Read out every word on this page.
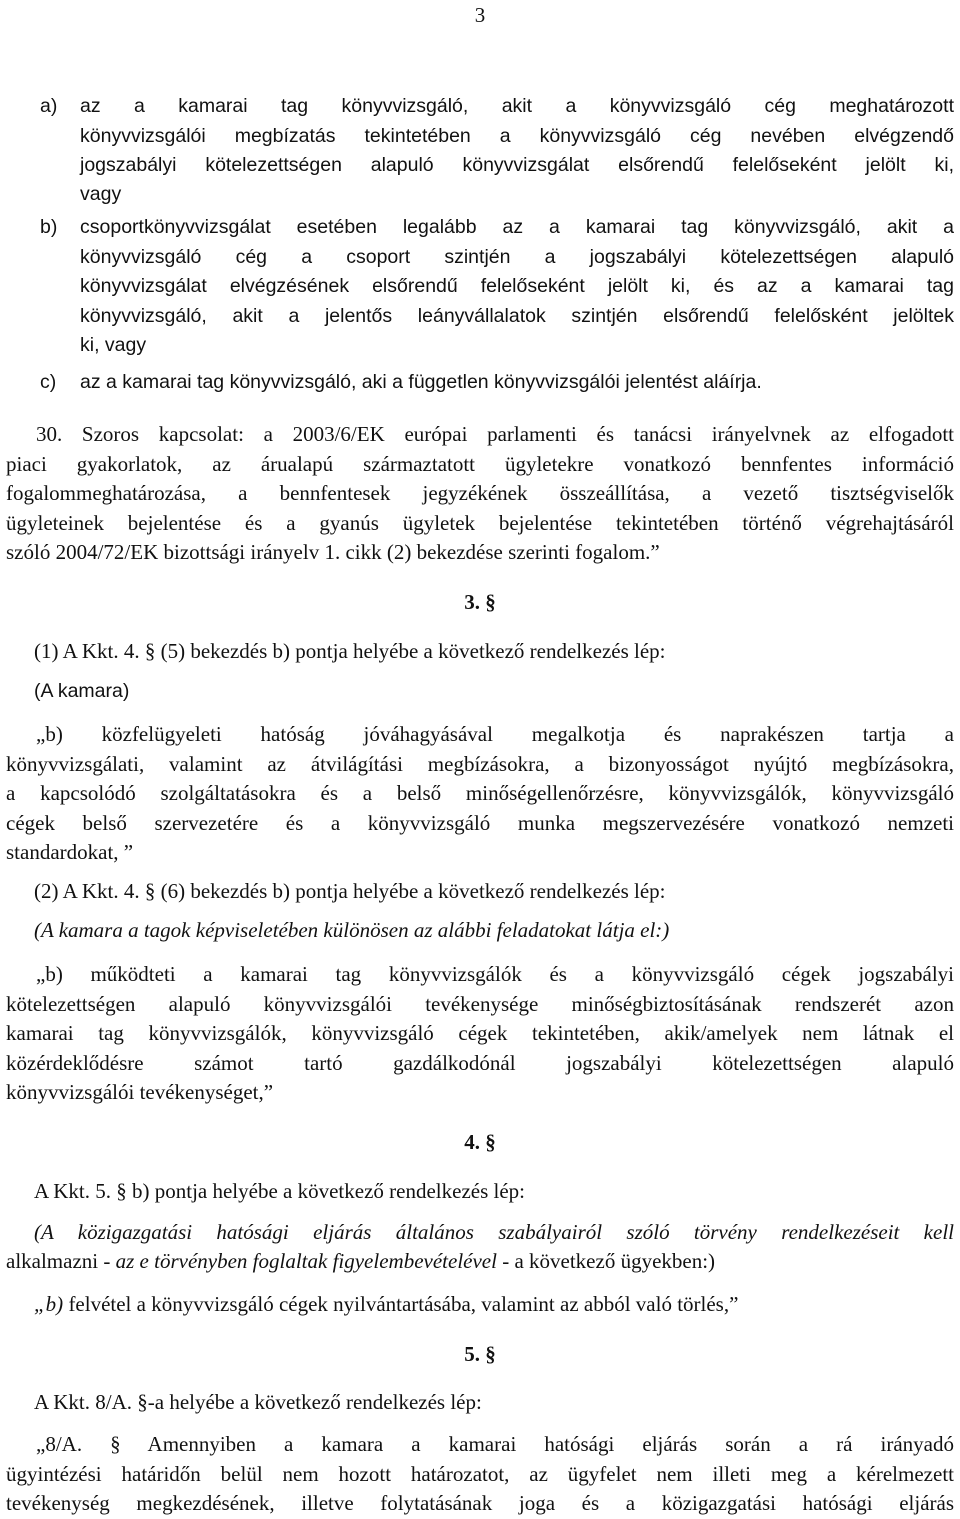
3
a) az a kamarai tag könyvvizsgáló, akit a könyvvizsgáló cég meghatározott
könyvvizsgálói megbízatás tekintetében a könyvvizsgáló cég nevében elvégzendő
jogszabályi kötelezettségen alapuló könyvvizsgálat elsőrendű felelőseként jelölt ki,
vagy
b) csoportkönyvvizsgálat esetében legalább az a kamarai tag könyvvizsgáló, akit a
könyvvizsgáló cég a csoport szintjén a jogszabályi kötelezettségen alapuló
könyvvizsgálat elvégzésének elsőrendű felelőseként jelölt ki, és az a kamarai tag
könyvvizsgáló, akit a jelentős leányvállalatok szintjén elsőrendű felelősként jelöltek
ki, vagy
c) az a kamarai tag könyvvizsgáló, aki a független könyvvizsgálói jelentést aláírja.
30. Szoros kapcsolat: a 2003/6/EK európai parlamenti és tanácsi irányelvnek az elfogadott
piaci gyakorlatok, az árualapú származtatott ügyletekre vonatkozó bennfentes információ
fogalommeghatározása, a bennfentesek jegyzékének összeállítása, a vezető tisztségviselők
ügyleteinek bejelentése és a gyanús ügyletek bejelentése tekintetében történő végrehajtásáról
szóló 2004/72/EK bizottsági irányelv 1. cikk (2) bekezdése szerinti fogalom.”
3. §
(1) A Kkt. 4. § (5) bekezdés b) pontja helyébe a következő rendelkezés lép:
(A kamara)
„b) közfelügyeleti hatóság jóváhagyásával megalkotja és naprakészen tartja a
könyvvizsgálati, valamint az átvilágítási megbízásokra, a bizonyosságot nyújtó megbízásokra,
a kapcsolódó szolgáltatásokra és a belső minőségellenőrzésre, könyvvizsgálók, könyvvizsgáló
cégek belső szervezetére és a könyvvizsgáló munka megszervezésére vonatkozó nemzeti
standardokat, ”
(2) A Kkt. 4. § (6) bekezdés b) pontja helyébe a következő rendelkezés lép:
(A kamara a tagok képviseletében különösen az alábbi feladatokat látja el:)
„b) működteti a kamarai tag könyvvizsgálók és a könyvvizsgáló cégek jogszabályi
kötelezettségen alapuló könyvvizsgálói tevékenysége minőségbiztosításának rendszerét azon
kamarai tag könyvvizsgálók, könyvvizsgáló cégek tekintetében, akik/amelyek nem látnak el
közérdeklődésre számot tartó gazdálkodónál jogszabályi kötelezettségen alapuló
könyvvizsgálói tevékenységet,”
4. §
A Kkt. 5. § b) pontja helyébe a következő rendelkezés lép:
(A közigazgatási hatósági eljárás általános szabályairól szóló törvény rendelkezéseit kell
alkalmazni - az e törvényben foglaltak figyelembevételével - a következő ügyekben:)
„b) felvétel a könyvvizsgáló cégek nyilvántartásába, valamint az abból való törlés,”
5. §
A Kkt. 8/A. §-a helyébe a következő rendelkezés lép:
„8/A. § Amennyiben a kamara a kamarai hatósági eljárás során a rá irányadó
ügyintézési határidőn belül nem hozott határozatot, az ügyfelet nem illeti meg a kérelmezett
tevékenység megkezdésének, illetve folytatásának joga és a közigazgatási hatósági eljárás
